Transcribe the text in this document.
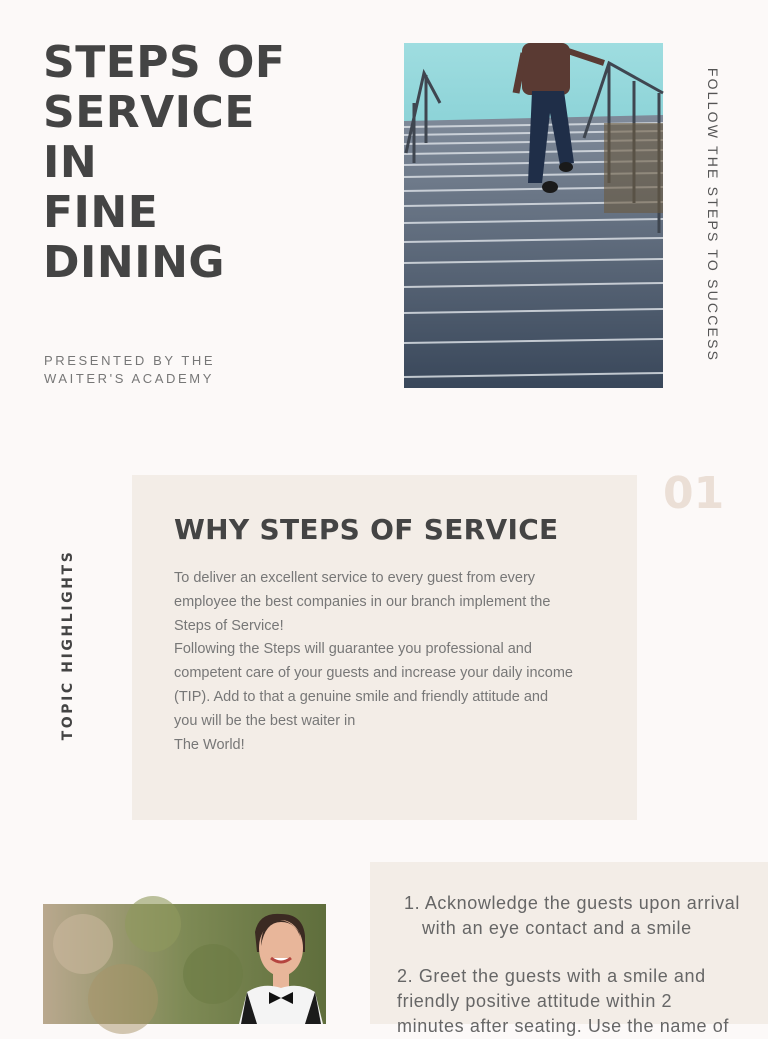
STEPS OF
SERVICE
IN
FINE
DINING
PRESENTED BY THE
WAITER'S ACADEMY
FOLLOW THE STEPS TO SUCCESS
TOPIC HIGHLIGHTS
WHY STEPS OF SERVICE

To deliver an excellent service to every guest from every
employee the best companies in our branch implement the
Steps of Service!
Following the Steps will guarantee you professional and
competent care of your guests and increase your daily income
(TIP). Add to that a genuine smile and friendly attitude and
you will be the best waiter in
The World!

01
1. Acknowledge the guests upon arrival
with an eye contact and a smile
2. Greet the guests with a smile and
friendly positive attitude within 2
minutes after seating. Use the name of
